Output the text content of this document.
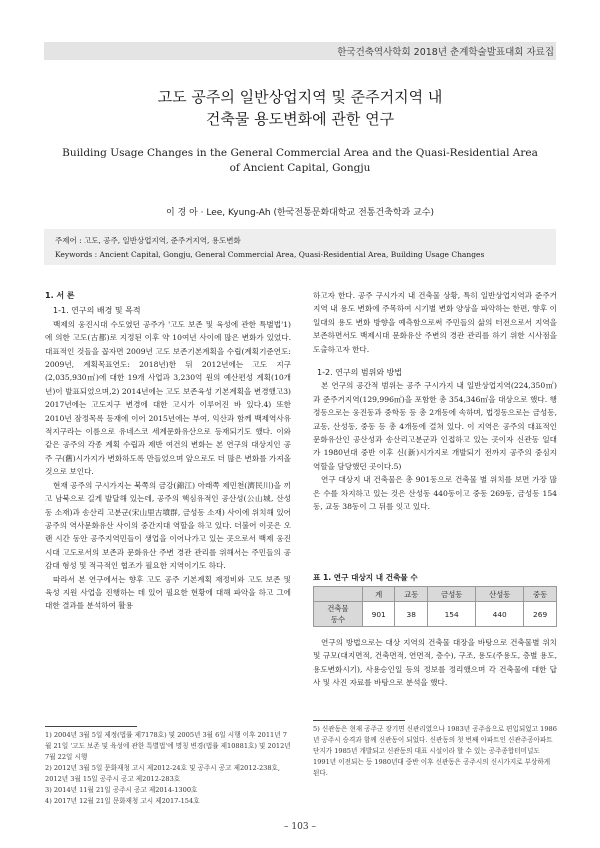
한국건축역사학회 2018년 춘계학술발표대회 자료집
고도 공주의 일반상업지역 및 준주거지역 내
건축물 용도변화에 관한 연구
Building Usage Changes in the General Commercial Area and the Quasi-Residential Area
of Ancient Capital, Gongju
이 경 아 · Lee, Kyung-Ah (한국전통문화대학교 전통건축학과 교수)
주제어 : 고도, 공주, 일반상업지역, 준주거지역, 용도변화
Keywords : Ancient Capital, Gongju, General Commercial Area, Quasi-Residential Area, Building Usage Changes
1. 서 론
1-1. 연구의 배경 및 목적

백제의 웅진시대 수도였던 공주가 '고도 보존 및 육성에 관한 특별법'1)에 의한 고도(古都)로 지정된 이후 약 10여년 사이에 많은 변화가 있었다. 대표적인 것들을 꼽자면 2009년 고도 보존기본계획을 수립(계획기준연도: 2009년, 계획목표연도: 2018년)한 뒤 2012년에는 고도 지구(2,035,930㎡)에 대한 19개 사업과 3,230억 원의 예산편성 계획(10개년)이 발표되었으며,2) 2014년에는 고도 보존육성 기본계획을 변경했고3) 2017년에는 고도지구 변경에 대한 고시가 이루어진 바 있다.4) 또한 2010년 잠정목록 등재에 이어 2015년에는 부여, 익산과 함께 백제역사유적지구라는 이름으로 유네스코 세계문화유산으로 등재되기도 했다. 이와 같은 공주의 각종 계획 수립과 제반 여건의 변화는 본 연구의 대상지인 공주 구(舊)시가지가 변화하도록 만들었으며 앞으로도 더 많은 변화를 가져올 것으로 보인다.

현재 공주의 구시가지는 북쪽의 금강(錦江) 아래쪽 제민천(濟民川)을 끼고 남북으로 길게 발달해 있는데, 공주의 핵심유적인 공산성(公山城, 산성동 소재)과 송산리 고분군(宋山里古墳群, 금성동 소재) 사이에 위치해 있어 공주의 역사문화유산 사이의 중간지대 역할을 하고 있다. 더불어 이곳은 오랜 시간 동안 공주지역민들이 생업을 이어나가고 있는 곳으로서 백제 웅진시대 고도로서의 보존과 문화유산 주변 경관 관리를 위해서는 주민들의 공감대 형성 및 적극적인 협조가 필요한 지역이기도 하다.

따라서 본 연구에서는 향후 고도 공주 기본계획 재정비와 고도 보존 및 육성 지원 사업을 진행하는 데 있어 필요한 현황에 대해 파악을 하고 그에 대한 결과를 분석하여 활용

1) 2004년 3월 5일 제정(법률 제7178호) 및 2005년 3월 6일 시행 이후 2011년 7월 21일 '고도 보존 및 육성에 관한 특별법'에 명칭 변경(법률 제10881호) 및 2012년 7월 22일 시행

2) 2012년 3월 5일 문화재청 고시 제2012-24호 및 공주시 공고 제2012-238호, 2012년 3월 15일 공주시 공고 제2012-283호

3) 2014년 11월 21일 공주시 공고 제2014-1300호

4) 2017년 12월 21일 문화재청 고시 제2017-154호

하고자 한다. 공주 구시가지 내 건축물 상황, 특히 일반상업지역과 준주거지역 내 용도 변화에 주목하여 시기별 변화 양상을 파악하는 한편, 향후 이 일대의 용도 변화 방향을 예측함으로써 주민들의 삶의 터전으로서 지역을 보존하면서도 백제시대 문화유산 주변의 경관 관리를 하기 위한 시사점을 도출하고자 한다.

1-2. 연구의 범위와 방법

본 연구의 공간적 범위는 공주 구시가지 내 일반상업지역(224,350㎡)과 준주거지역(129,996㎡)을 포함한 총 354,346㎡을 대상으로 했다. 행정동으로는 웅진동과 중학동 등 총 2개동에 속하며, 법정동으로는 금성동, 교동, 산성동, 중동 등 총 4개동에 걸쳐 있다. 이 지역은 공주의 대표적인 문화유산인 공산성과 송산리고분군과 인접하고 있는 곳이자 신관동 일대가 1980년대 중반 이후 신(新)시가지로 개발되기 전까지 공주의 중심지 역할을 담당했던 곳이다.5)

연구 대상지 내 건축물은 총 901동으로 건축물 별 위치를 보면 가장 많은 수를 차지하고 있는 것은 산성동 440동이고 중동 269동, 금성동 154동, 교동 38동이 그 뒤를 잇고 있다.

표 1. 연구 대상지 내 건축물 수
	계	교동	금성동	산성동	중동

건축물
동수	901	38	154	440	269

연구의 방법으로는 대상 지역의 건축물 대장을 바탕으로 건축물별 위치 및 규모(대지면적, 건축면적, 연면적, 층수), 구조, 용도(주용도, 층별 용도, 용도변화시기), 사용승인일 등의 정보를 정리했으며 각 건축물에 대한 답사 및 사진 자료를 바탕으로 분석을 했다.

5) 신관동은 현재 공주군 장기면 신관리였으나 1983년 공주읍으로 편입되었고 1986년 공주시 승격과 함께 신관동이 되었다. 신관동의 첫 번째 아파트인 신관주공아파트단지가 1985년 개발되고 신관동의 대표 시설이라 할 수 있는 공주종합터미널도 1991년 이전되는 등 1980년대 중반 이후 신관동은 공주시의 신시가지로 부상하게 된다.

– 103 –
